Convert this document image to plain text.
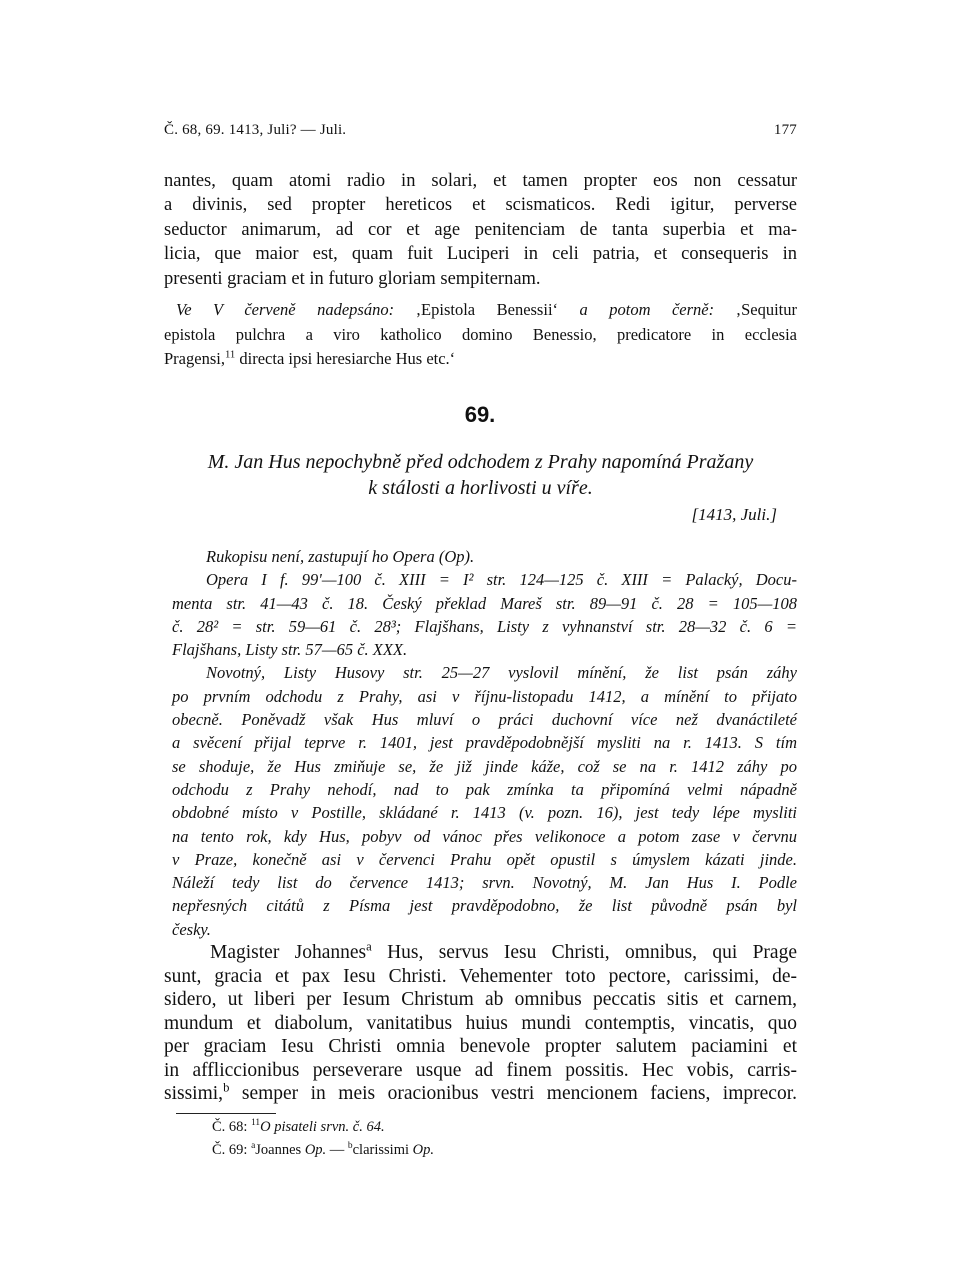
Č. 68, 69. 1413, Juli? — Juli.	177
nantes, quam atomi radio in solari, et tamen propter eos non cessatur
a divinis, sed propter hereticos et scismaticos. Redi igitur, perverse
seductor animarum, ad cor et age penitenciam de tanta superbia et ma-
licia, que maior est, quam fuit Luciperi in celi patria, et consequeris in
presenti graciam et in futuro gloriam sempiternam.
Ve V červeně nadepsáno: ‚Epistola Benessii‘ a potom černě: ‚Sequitur
epistola pulchra a viro katholico domino Benessio, predicatore in ecclesia
Pragensi,$^{11}$ directa ipsi heresiarche Hus etc.‘
69.
M. Jan Hus nepochybně před odchodem z Prahy napomíná Pražany
k stálosti a horlivosti u víře.
[1413, Juli.]
Rukopisu není, zastupují ho Opera (Op).
Opera I f. 99'—100 č. XIII = I² str. 124—125 č. XIII = Palacký, Docu-
menta str. 41—43 č. 18. Český překlad Mareš str. 89—91 č. 28 = 105—108
č. 28² = str. 59—61 č. 28³; Flajšhans, Listy z vyhnanství str. 28—32 č. 6 =
Flajšhans, Listy str. 57—65 č. XXX.
Novotný, Listy Husovy str. 25—27 vyslovil mínění, že list psán záhy
po prvním odchodu z Prahy, asi v říjnu-listopadu 1412, a mínění to přijato
obecně. Poněvadž však Hus mluví o práci duchovní více než dvanáctileté
a svěcení přijal teprve r. 1401, jest pravděpodobnější mysliti na r. 1413. S tím
se shoduje, že Hus zmiňuje se, že již jinde káže, což se na r. 1412 záhy po
odchodu z Prahy nehodí, nad to pak zmínka ta připomíná velmi nápadně
obdobné místo v Postille, skládané r. 1413 (v. pozn. 16), jest tedy lépe mysliti
na tento rok, kdy Hus, pobyv od vánoc přes velikonoce a potom zase v červnu
v Praze, konečně asi v červenci Prahu opět opustil s úmyslem kázati jinde.
Náleží tedy list do července 1413; srvn. Novotný, M. Jan Hus I. Podle
nepřesných citátů z Písma jest pravděpodobno, že list původně psán byl
česky.
Magister Johannes$^a$ Hus, servus Iesu Christi, omnibus, qui Prage
sunt, gracia et pax Iesu Christi. Vehementer toto pectore, carissimi, de-
sidero, ut liberi per Iesum Christum ab omnibus peccatis sitis et carnem,
mundum et diabolum, vanitatibus huius mundi contemptis, vincatis, quo
per graciam Iesu Christi omnia benevole propter salutem paciamini et
in affliccionibus perseverare usque ad finem possitis. Hec vobis, carris-
sissimi,$^b$ semper in meis oracionibus vestri mencionem faciens, imprecor.
Č. 68: $^{11}$O pisateli srvn. č. 64.
Č. 69: $^a$Joannes Op. — $^b$clarissimi Op.
